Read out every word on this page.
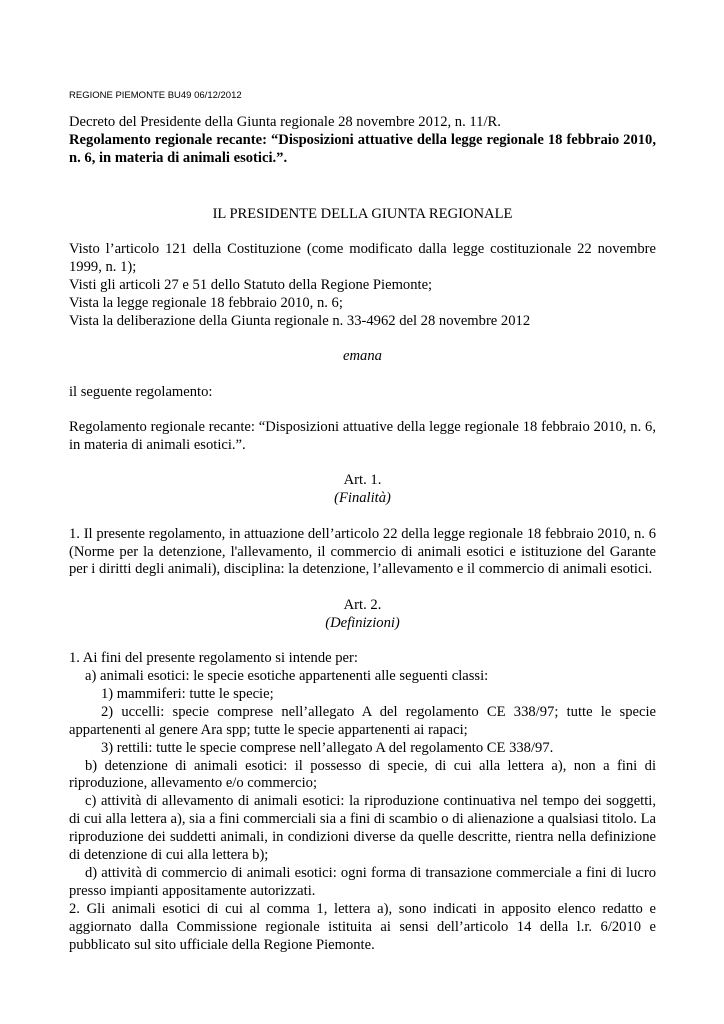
REGIONE PIEMONTE BU49 06/12/2012

Decreto del Presidente della Giunta regionale 28 novembre 2012, n. 11/R.

Regolamento regionale recante: “Disposizioni attuative della legge regionale 18 febbraio 2010, n. 6, in materia di animali esotici.”.

IL PRESIDENTE DELLA GIUNTA REGIONALE

Visto l’articolo 121 della Costituzione (come modificato dalla legge costituzionale 22 novembre 1999, n. 1);

Visti gli articoli 27 e 51 dello Statuto della Regione Piemonte;

Vista la legge regionale 18 febbraio 2010, n. 6;

Vista la deliberazione della Giunta regionale n. 33-4962 del 28 novembre 2012

emana

il seguente regolamento:

Regolamento regionale recante: “Disposizioni attuative della legge regionale 18 febbraio 2010, n. 6, in materia di animali esotici.”.

Art. 1.

(Finalità)

1. Il presente regolamento, in attuazione dell’articolo 22 della legge regionale 18 febbraio 2010, n. 6 (Norme per la detenzione, l'allevamento, il commercio di animali esotici e istituzione del Garante per i diritti degli animali), disciplina: la detenzione, l’allevamento e il commercio di animali esotici.

Art. 2.

(Definizioni)

1. Ai fini del presente regolamento si intende per:

a) animali esotici: le specie esotiche appartenenti alle seguenti classi:

1) mammiferi: tutte le specie;

2) uccelli: specie comprese nell’allegato A del regolamento CE 338/97; tutte le specie appartenenti al genere Ara spp; tutte le specie appartenenti ai rapaci;

3) rettili: tutte le specie comprese nell’allegato A del regolamento CE 338/97.

b) detenzione di animali esotici: il possesso di specie, di cui alla lettera a), non a fini di riproduzione, allevamento e/o commercio;

c) attività di allevamento di animali esotici: la riproduzione continuativa nel tempo dei soggetti, di cui alla lettera a), sia a fini commerciali sia a fini di scambio o di alienazione a qualsiasi titolo. La riproduzione dei suddetti animali, in condizioni diverse da quelle descritte, rientra nella definizione di detenzione di cui alla lettera b);

d) attività di commercio di animali esotici: ogni forma di transazione commerciale a fini di lucro presso impianti appositamente autorizzati.

2. Gli animali esotici di cui al comma 1, lettera a), sono indicati in apposito elenco redatto e aggiornato dalla Commissione regionale istituita ai sensi dell’articolo 14 della l.r. 6/2010 e pubblicato sul sito ufficiale della Regione Piemonte.
